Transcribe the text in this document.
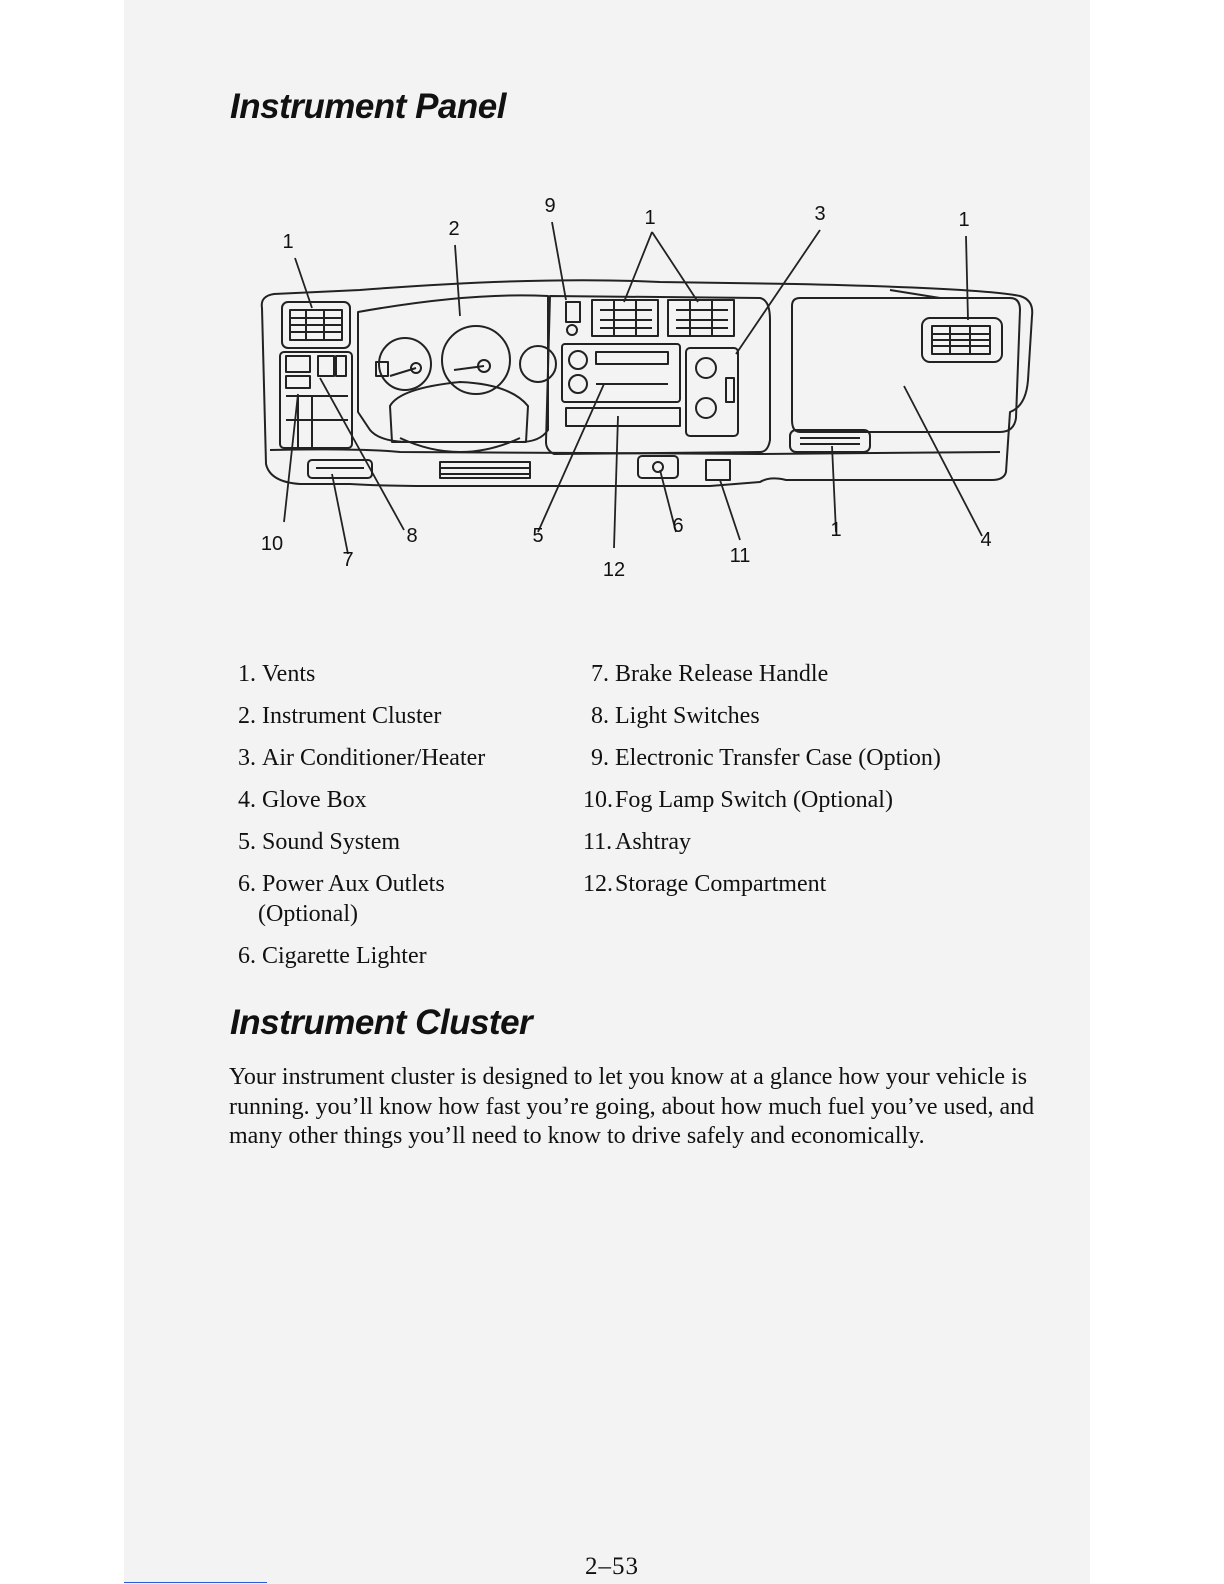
Instrument Panel
1
2
9
1	3	1
10
7
8	5	6
12
11
1	4
1. Vents
2. Instrument Cluster
3. Air Conditioner/Heater
4. Glove Box
5. Sound System
6. Power Aux Outlets
(Optional)
6. Cigarette Lighter
7. Brake Release Handle
8. Light Switches
9. Electronic Transfer Case (Option)
10.Fog Lamp Switch (Optional)
11. Ashtray
12.Storage Compartment
Instrument Cluster

Your instrument cluster is designed to let you know at a glance how your vehicle is running. you’ll know how fast you’re going, about how much fuel you’ve used, and many other things you’ll need to know to drive safely and economically.

2–53
